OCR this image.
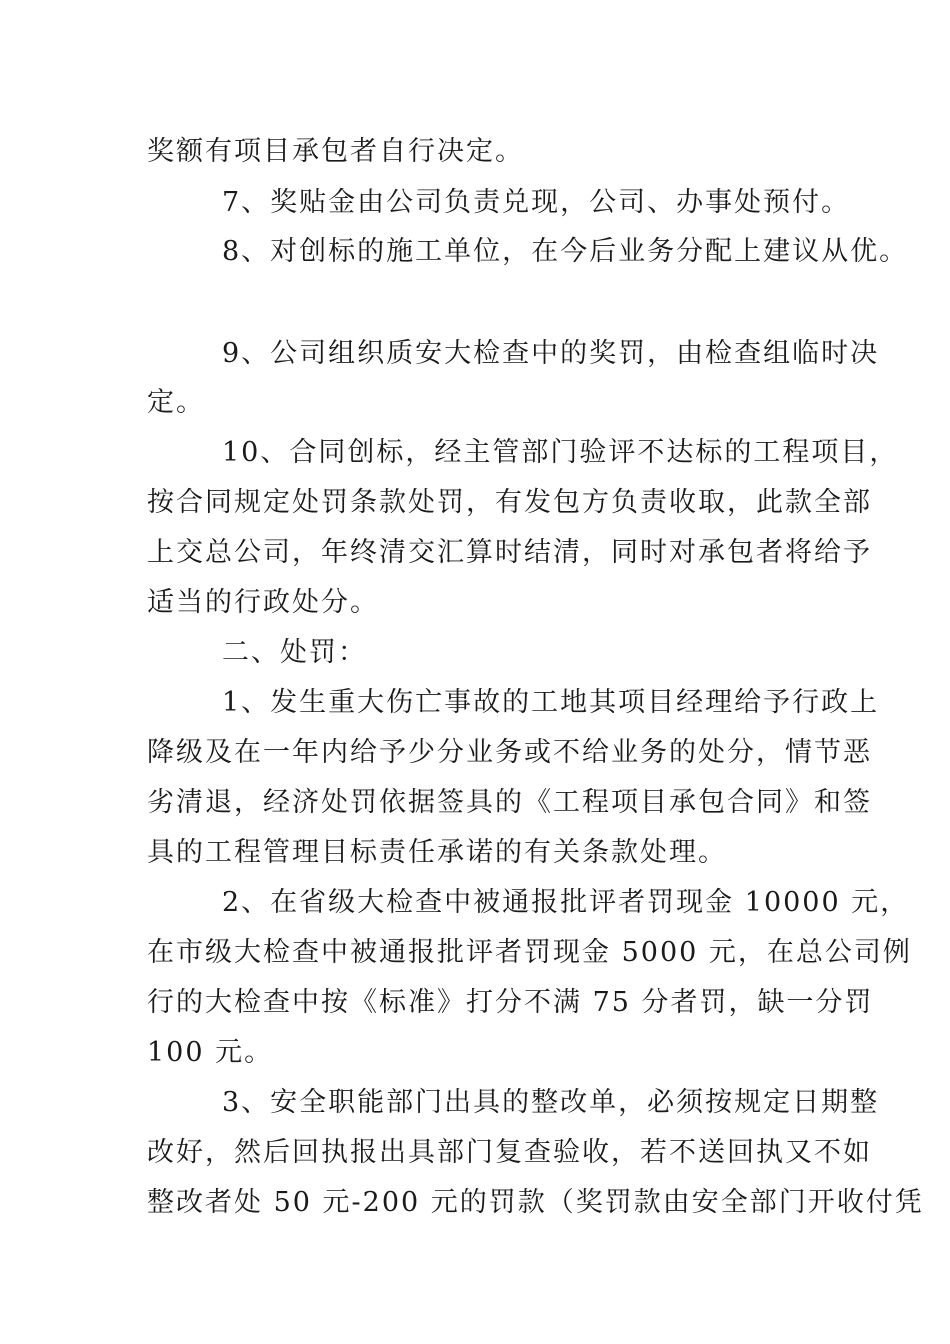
奖额有项目承包者自行决定。
7、奖贴金由公司负责兑现，公司、办事处预付。
8、对创标的施工单位，在今后业务分配上建议从优。
9、公司组织质安大检查中的奖罚，由检查组临时决
定。
10、合同创标，经主管部门验评不达标的工程项目，
按合同规定处罚条款处罚，有发包方负责收取，此款全部
上交总公司，年终清交汇算时结清，同时对承包者将给予
适当的行政处分。
二、处罚：
1、发生重大伤亡事故的工地其项目经理给予行政上
降级及在一年内给予少分业务或不给业务的处分，情节恶
劣清退，经济处罚依据签具的《工程项目承包合同》和签
具的工程管理目标责任承诺的有关条款处理。
2、在省级大检查中被通报批评者罚现金 10000 元，
在市级大检查中被通报批评者罚现金 5000 元，在总公司例
行的大检查中按《标准》打分不满 75 分者罚，缺一分罚
100 元。
3、安全职能部门出具的整改单，必须按规定日期整
改好，然后回执报出具部门复查验收，若不送回执又不如
整改者处 50 元-200 元的罚款（奖罚款由安全部门开收付凭
